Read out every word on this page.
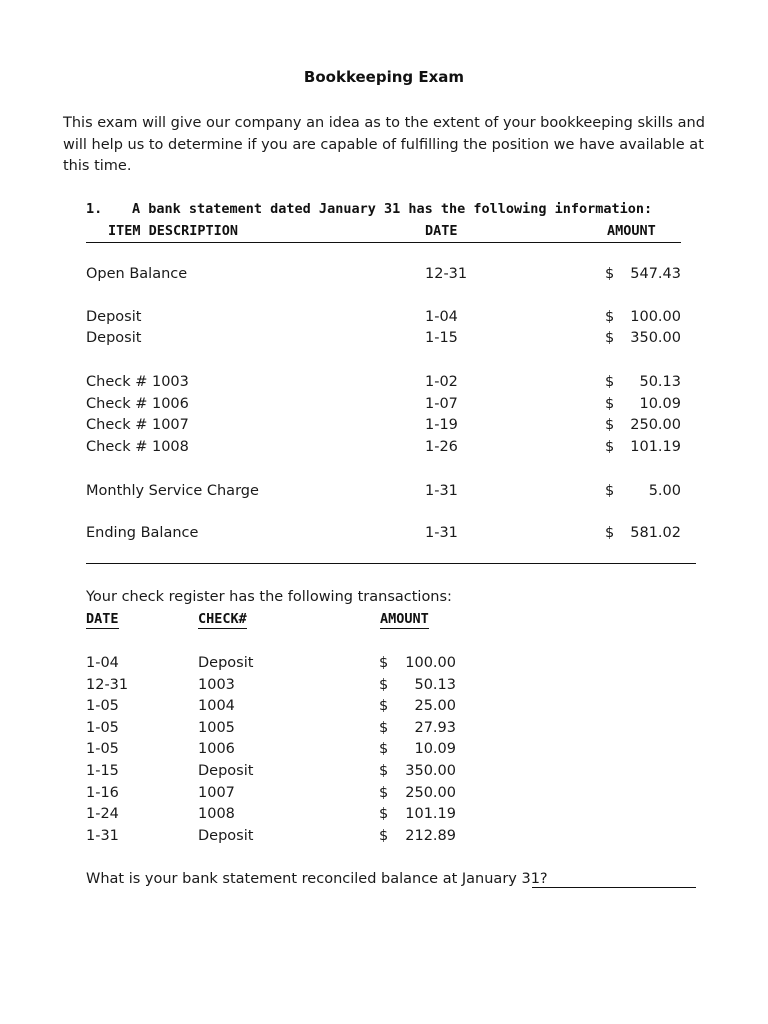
Bookkeeping Exam
This exam will give our company an idea as to the extent of your bookkeeping skills and will help us to determine if you are capable of fulfilling the position we have available at this time.
1. A bank statement dated January 31 has the following information:
ITEM DESCRIPTION	DATE	AMOUNT
Open Balance	12-31	$	547.43
Deposit	1-04	$	100.00
Deposit	1-15	$	350.00
Check # 1003	1-02	$	50.13
Check # 1006	1-07	$	10.09
Check # 1007	1-19	$	250.00
Check # 1008	1-26	$	101.19
Monthly Service Charge	1-31	$	5.00
Ending Balance	1-31	$	581.02
Your check register has the following transactions:
DATE	CHECK#	AMOUNT
1-04	Deposit	$	100.00
12-31	1003	$	50.13
1-05	1004	$	25.00
1-05	1005	$	27.93
1-05	1006	$	10.09
1-15	Deposit	$	350.00
1-16	1007	$	250.00
1-24	1008	$	101.19
1-31	Deposit	$	212.89
What is your bank statement reconciled balance at January 31?
